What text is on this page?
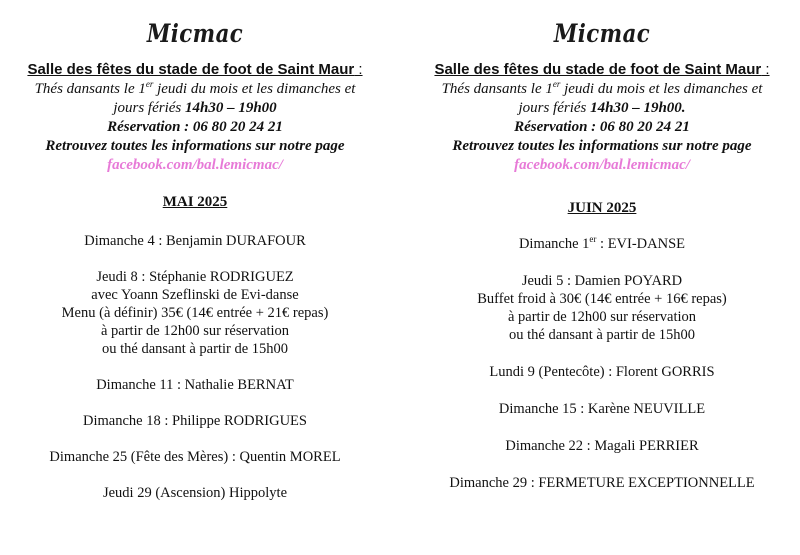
Micmac

Salle des fêtes du stade de foot de Saint Maur :

Thés dansants le 1er jeudi du mois et les dimanches et

jours fériés 14h30 – 19h00

Réservation : 06 80 20 24 21

Retrouvez toutes les informations sur notre page

facebook.com/bal.lemicmac/

MAI 2025

Dimanche 4 : Benjamin DURAFOUR

Jeudi 8 : Stéphanie RODRIGUEZ
avec Yoann Szeflinski de Evi-danse
Menu (à définir) 35€ (14€ entrée + 21€ repas)
à partir de 12h00 sur réservation
ou thé dansant à partir de 15h00

Dimanche 11 : Nathalie BERNAT

Dimanche 18 : Philippe RODRIGUES

Dimanche 25 (Fête des Mères) : Quentin MOREL

Jeudi 29 (Ascension) Hippolyte

Micmac

Salle des fêtes du stade de foot de Saint Maur :

Thés dansants le 1er jeudi du mois et les dimanches et

jours fériés 14h30 – 19h00.

Réservation : 06 80 20 24 21

Retrouvez toutes les informations sur notre page

facebook.com/bal.lemicmac/

JUIN 2025

Dimanche 1er : EVI-DANSE

Jeudi 5 : Damien POYARD
Buffet froid à 30€ (14€ entrée + 16€ repas)
à partir de 12h00 sur réservation
ou thé dansant à partir de 15h00

Lundi 9 (Pentecôte) : Florent GORRIS

Dimanche 15 : Karène NEUVILLE

Dimanche 22 : Magali PERRIER

Dimanche 29 : FERMETURE EXCEPTIONNELLE
